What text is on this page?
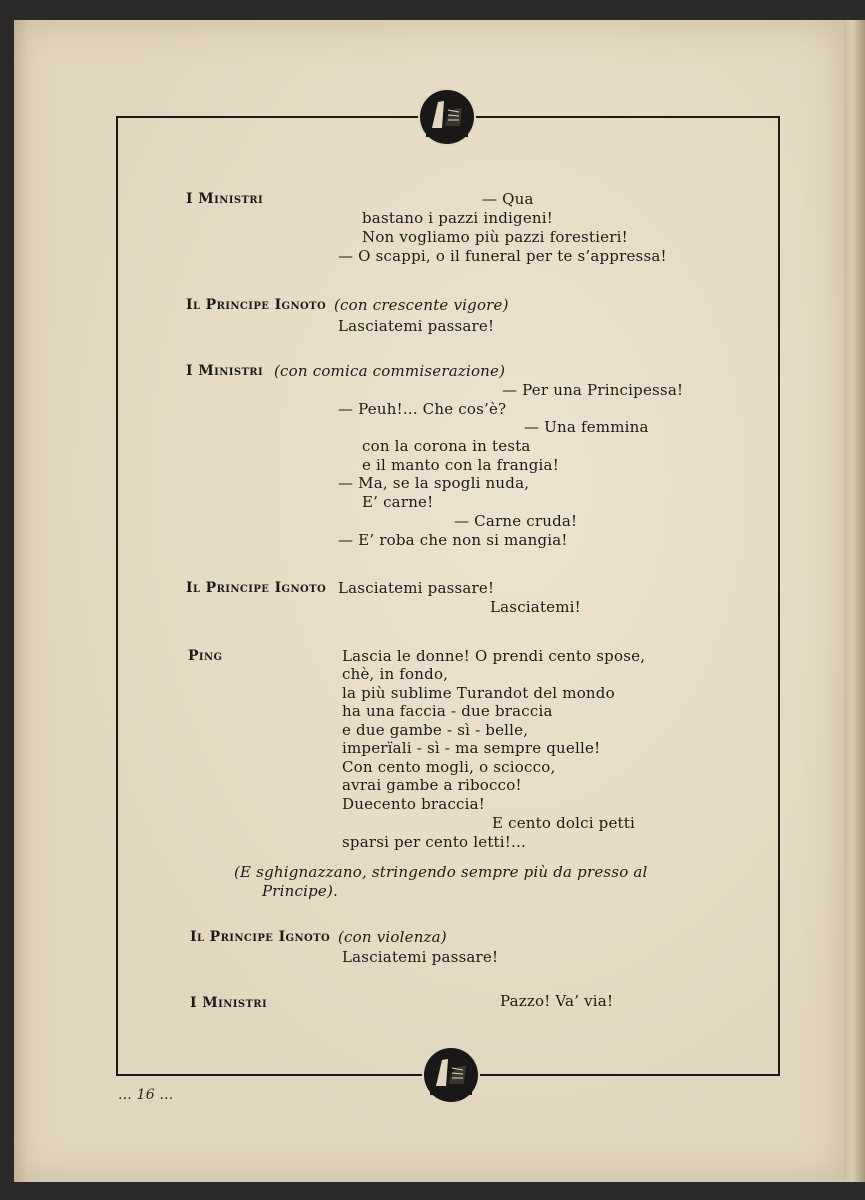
I Ministri	— Qua
bastano i pazzi indigeni!
Non vogliamo più pazzi forestieri!
— O scappi, o il funeral per te s’appressa!
Il Principe Ignoto (con crescente vigore)
Lasciatemi passare!
I Ministri (con comica commiserazione)
— Per una Principessa!
— Peuh!... Che cos’è?
— Una femmina
con la corona in testa
e il manto con la frangia!
— Ma, se la spogli nuda,
E’ carne!
— Carne cruda!
— E’ roba che non si mangia!
Il Principe Ignoto Lasciatemi passare!
Lasciatemi!
Ping	Lascia le donne! O prendi cento spose,
chè, in fondo,
la più sublime Turandot del mondo
ha una faccia - due braccia
e due gambe - sì - belle,
imperïali - sì - ma sempre quelle!
Con cento mogli, o sciocco,
avrai gambe a ribocco!
Duecento braccia!
E cento dolci petti
sparsi per cento letti!...
(E sghignazzano, stringendo sempre più da presso al
Principe).
Il Principe Ignoto (con violenza)
Lasciatemi passare!
I Ministri	Pazzo! Va’ via!
... 16 ...
